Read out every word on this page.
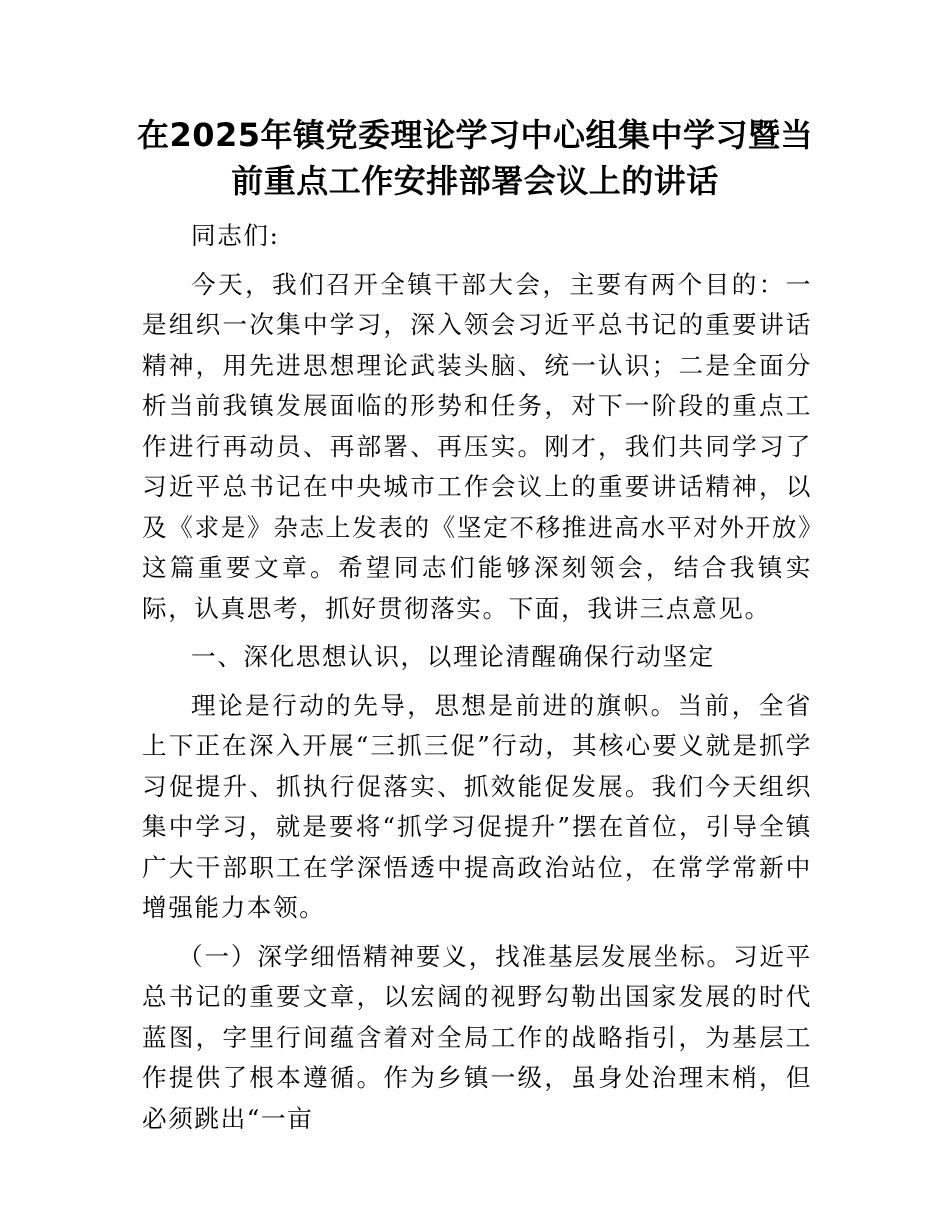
在2025年镇党委理论学习中心组集中学习暨当
前重点工作安排部署会议上的讲话

同志们:

今天，我们召开全镇干部大会，主要有两个目的：一是组织一次集中学习，深入领会习近平总书记的重要讲话精神，用先进思想理论武装头脑、统一认识；二是全面分析当前我镇发展面临的形势和任务，对下一阶段的重点工作进行再动员、再部署、再压实。刚才，我们共同学习了习近平总书记在中央城市工作会议上的重要讲话精神，以及《求是》杂志上发表的《坚定不移推进高水平对外开放》这篇重要文章。希望同志们能够深刻领会，结合我镇实际，认真思考，抓好贯彻落实。下面，我讲三点意见。

一、深化思想认识，以理论清醒确保行动坚定

理论是行动的先导，思想是前进的旗帜。当前，全省上下正在深入开展“三抓三促”行动，其核心要义就是抓学习促提升、抓执行促落实、抓效能促发展。我们今天组织集中学习，就是要将“抓学习促提升”摆在首位，引导全镇广大干部职工在学深悟透中提高政治站位，在常学常新中增强能力本领。

（一）深学细悟精神要义，找准基层发展坐标。习近平总书记的重要文章，以宏阔的视野勾勒出国家发展的时代蓝图，字里行间蕴含着对全局工作的战略指引，为基层工作提供了根本遵循。作为乡镇一级，虽身处治理末梢，但必须跳出“一亩
